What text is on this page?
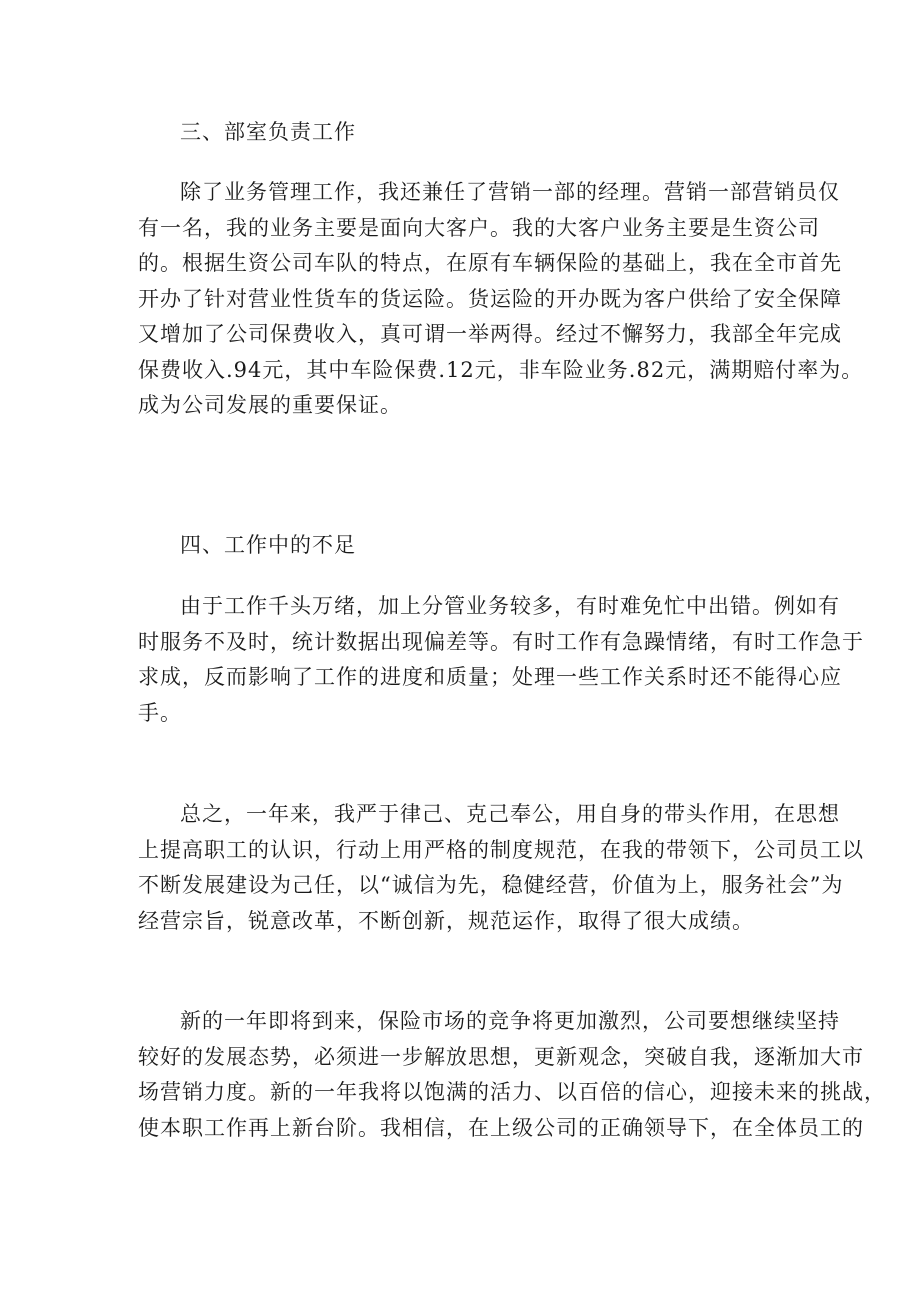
三、部室负责工作
除了业务管理工作，我还兼任了营销一部的经理。营销一部营销员仅
有一名，我的业务主要是面向大客户。我的大客户业务主要是生资公司
的。根据生资公司车队的特点，在原有车辆保险的基础上，我在全市首先
开办了针对营业性货车的货运险。货运险的开办既为客户供给了安全保障
又增加了公司保费收入，真可谓一举两得。经过不懈努力，我部全年完成
保费收入.94元，其中车险保费.12元，非车险业务.82元，满期赔付率为。
成为公司发展的重要保证。
四、工作中的不足
由于工作千头万绪，加上分管业务较多，有时难免忙中出错。例如有
时服务不及时，统计数据出现偏差等。有时工作有急躁情绪，有时工作急于
求成，反而影响了工作的进度和质量；处理一些工作关系时还不能得心应
手。
总之，一年来，我严于律己、克己奉公，用自身的带头作用，在思想
上提高职工的认识，行动上用严格的制度规范，在我的带领下，公司员工以
不断发展建设为己任，以“诚信为先，稳健经营，价值为上，服务社会”为
经营宗旨，锐意改革，不断创新，规范运作，取得了很大成绩。
新的一年即将到来，保险市场的竞争将更加激烈，公司要想继续坚持
较好的发展态势，必须进一步解放思想，更新观念，突破自我，逐渐加大市
场营销力度。新的一年我将以饱满的活力、以百倍的信心，迎接未来的挑战，
使本职工作再上新台阶。我相信，在上级公司的正确领导下，在全体员工的
